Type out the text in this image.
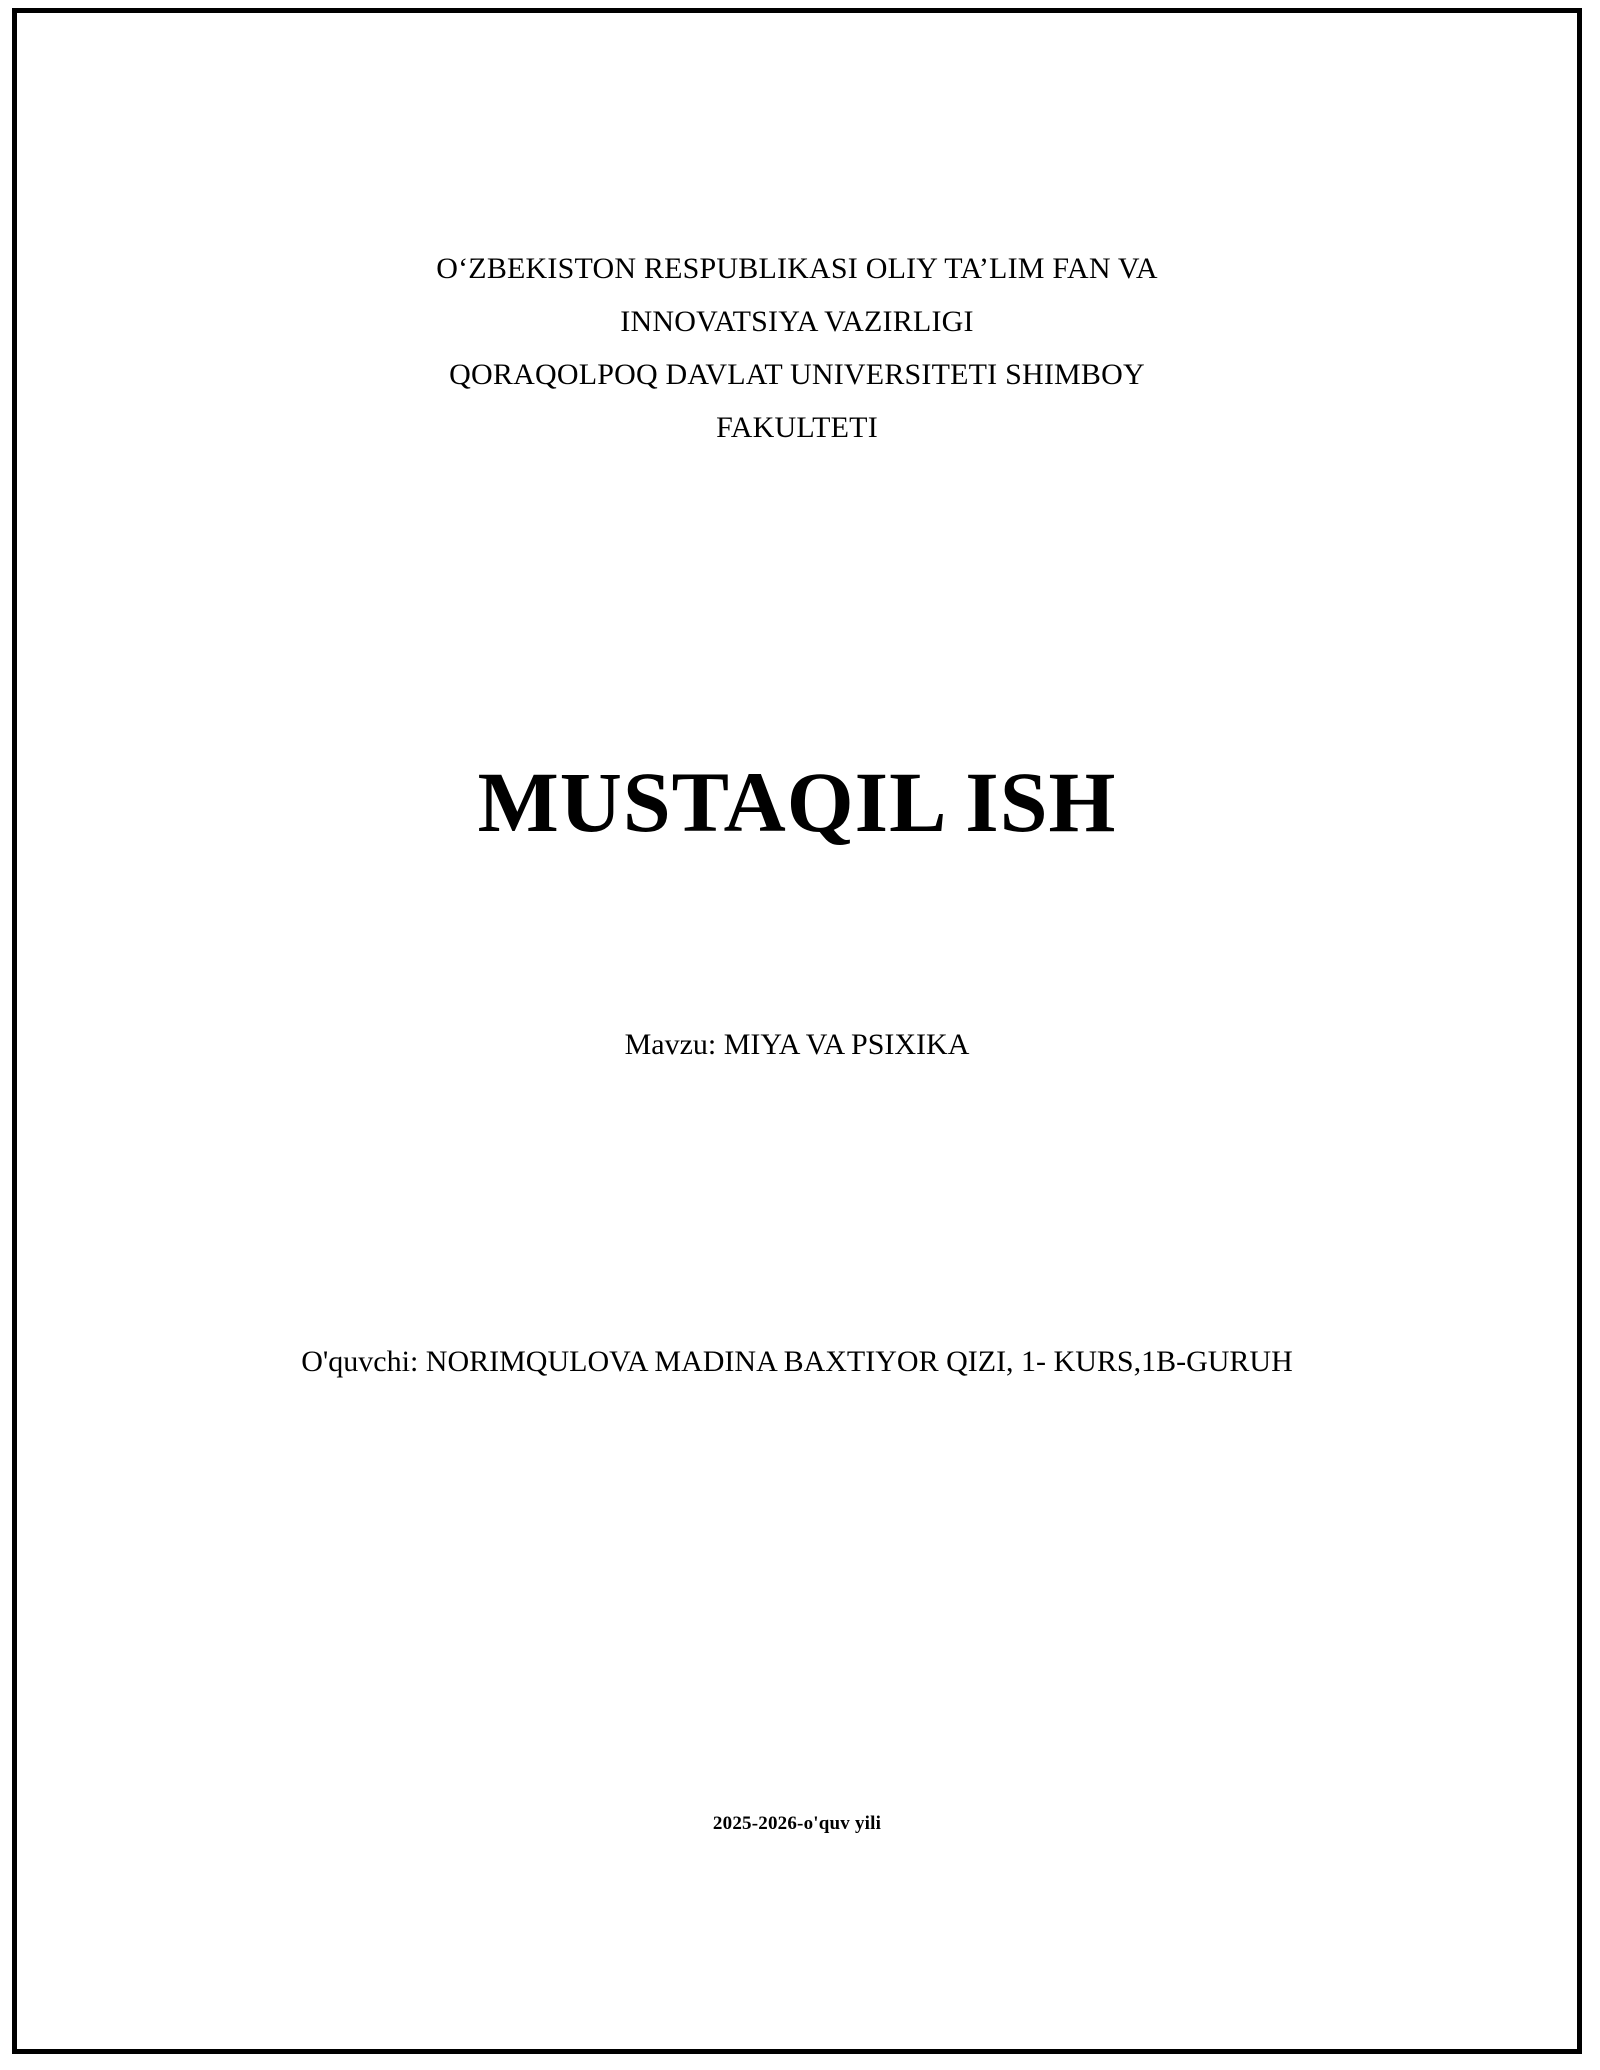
O‘ZBEKISTON RESPUBLIKASI OLIY TA’LIM FAN VA
INNOVATSIYA VAZIRLIGI
QORAQOLPOQ DAVLAT UNIVERSITETI SHIMBOY
FAKULTETI
MUSTAQIL ISH
Mavzu: MIYA VA PSIXIKA
O'quvchi: NORIMQULOVA MADINA BAXTIYOR QIZI, 1- KURS,1B-GURUH
2025-2026-o'quv yili
